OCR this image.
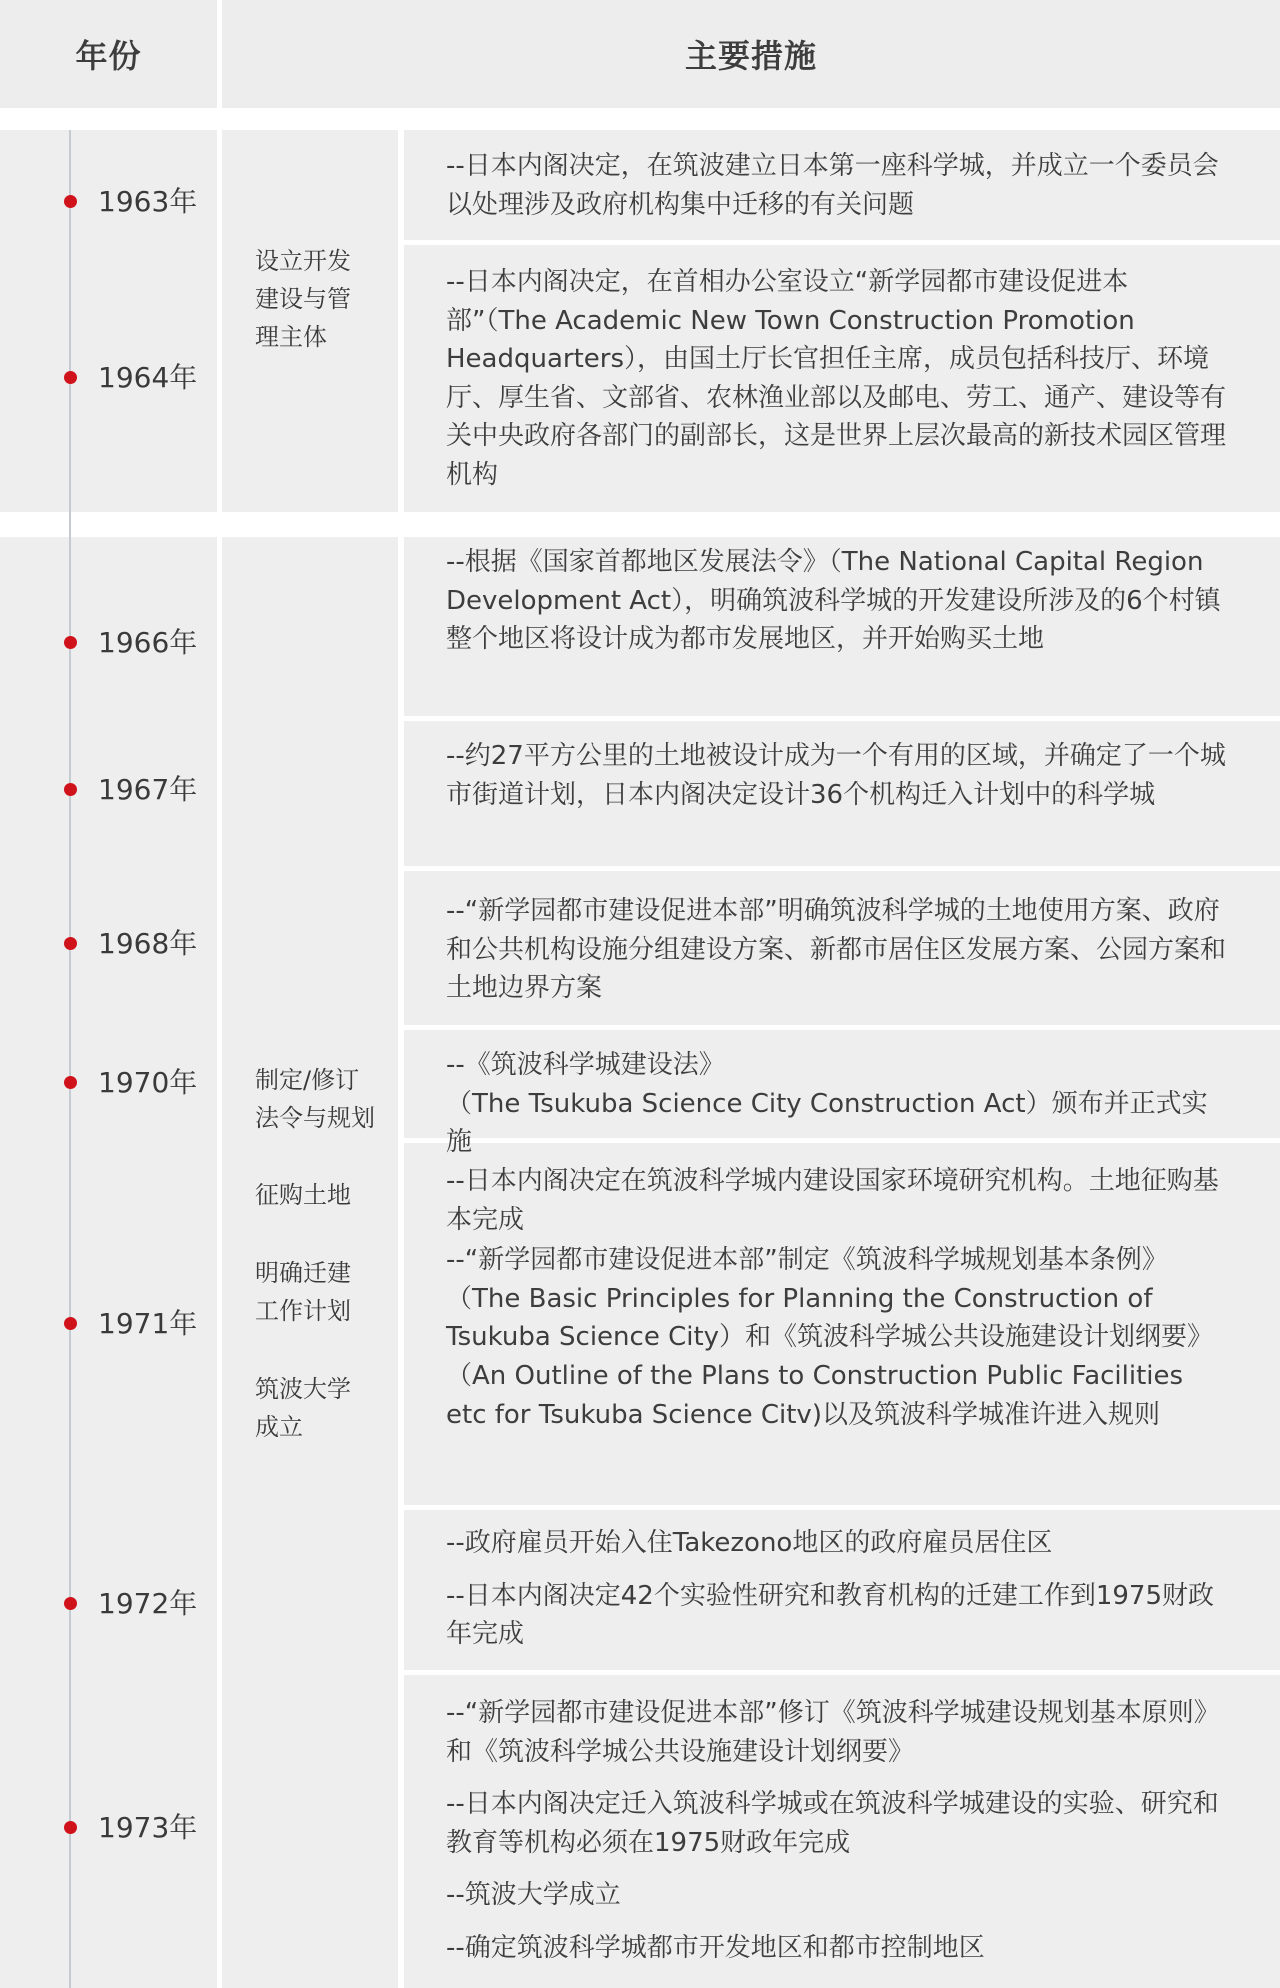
年份	主要措施
1963年
1964年
1966年
1967年
1968年
1970年
1971年
1972年
1973年
设立开发
建设与管
理主体
制定/修订
法令与规划
征购土地
明确迁建
工作计划
筑波大学
成立

--日本内阁决定，在筑波建立日本第一座科学城，并成立一个委员会以处理涉及政府机构集中迁移的有关问题

--日本内阁决定，在首相办公室设立“新学园都市建设促进本部”（The Academic New Town Construction Promotion Headquarters），由国土厅长官担任主席，成员包括科技厅、环境厅、厚生省、文部省、农林渔业部以及邮电、劳工、通产、建设等有关中央政府各部门的副部长，这是世界上层次最高的新技术园区管理机构

--根据《国家首都地区发展法令》（The National Capital Region Development Act），明确筑波科学城的开发建设所涉及的6个村镇整个地区将设计成为都市发展地区，并开始购买土地

--约27平方公里的土地被设计成为一个有用的区域，并确定了一个城市街道计划，日本内阁决定设计36个机构迁入计划中的科学城

--“新学园都市建设促进本部”明确筑波科学城的土地使用方案、政府和公共机构设施分组建设方案、新都市居住区发展方案、公园方案和土地边界方案

--《筑波科学城建设法》

（The Tsukuba Science City Construction Act）颁布并正式实施

--日本内阁决定在筑波科学城内建设国家环境研究机构。土地征购基本完成

--“新学园都市建设促进本部”制定《筑波科学城规划基本条例》（The Basic Principles for Planning the Construction of Tsukuba Science City）和《筑波科学城公共设施建设计划纲要》（An Outline of the Plans to Construction Public Facilities etc for Tsukuba Science Citv)以及筑波科学城准许进入规则

--政府雇员开始入住Takezono地区的政府雇员居住区

--日本内阁决定42个实验性研究和教育机构的迁建工作到1975财政年完成

--“新学园都市建设促进本部”修订《筑波科学城建设规划基本原则》和《筑波科学城公共设施建设计划纲要》

--日本内阁决定迁入筑波科学城或在筑波科学城建设的实验、研究和教育等机构必须在1975财政年完成

--筑波大学成立

--确定筑波科学城都市开发地区和都市控制地区
